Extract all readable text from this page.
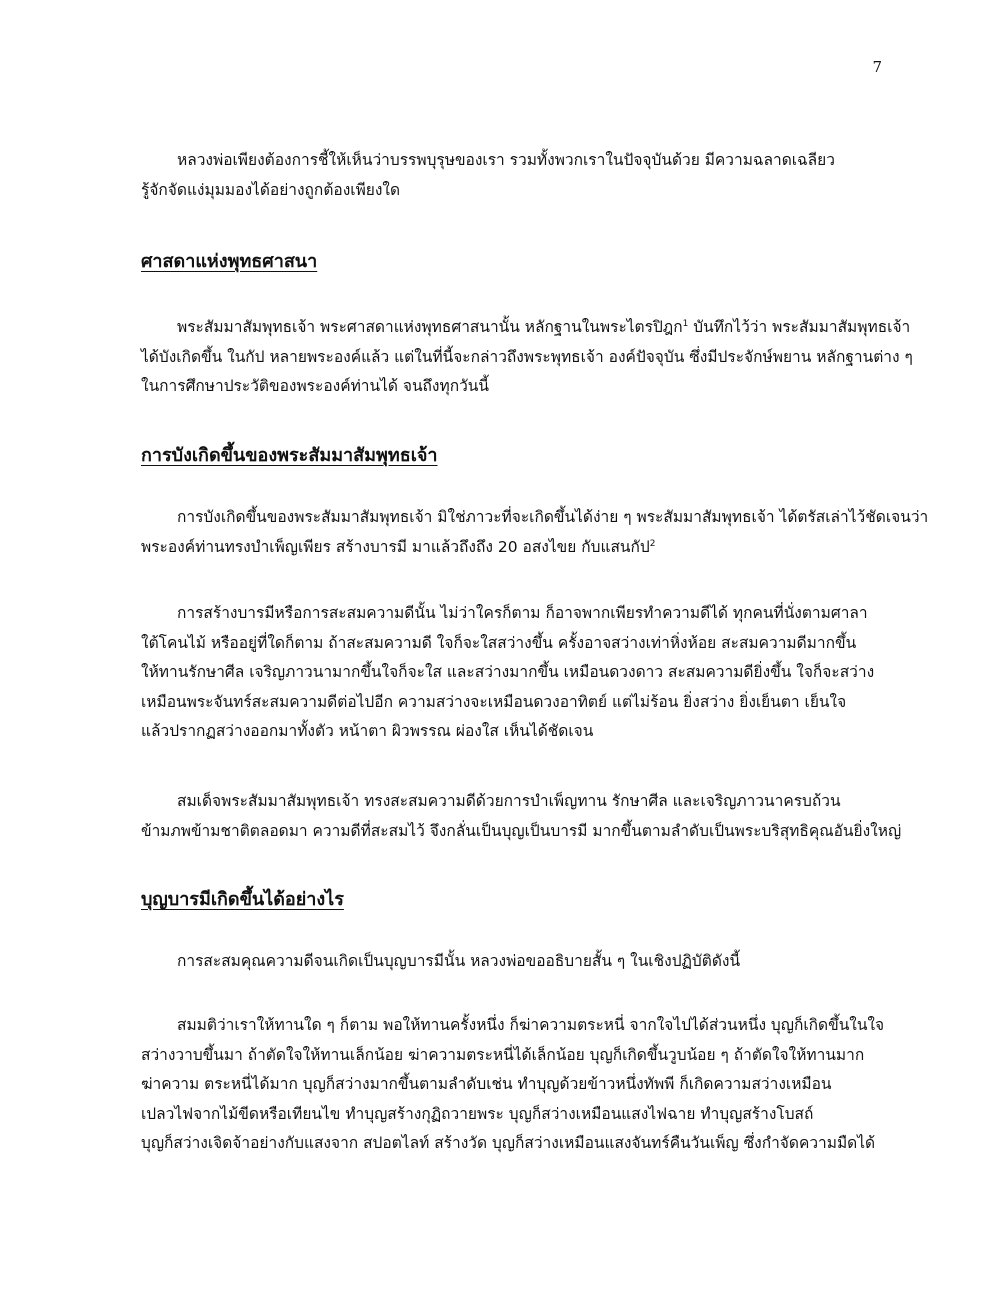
7
หลวงพ่อเพียงต้องการชี้ให้เห็นว่าบรรพบุรุษของเรา รวมทั้งพวกเราในปัจจุบันด้วย มีความฉลาดเฉลียว
รู้จักจัดแง่มุมมองได้อย่างถูกต้องเพียงใด
ศาสดาแห่งพุทธศาสนา
พระสัมมาสัมพุทธเจ้า พระศาสดาแห่งพุทธศาสนานั้น หลักฐานในพระไตรปิฎก$^1$ บันทึกไว้ว่า พระสัมมาสัมพุทธเจ้า
ได้บังเกิดขึ้น ในกัป หลายพระองค์แล้ว แต่ในที่นี้จะกล่าวถึงพระพุทธเจ้า องค์ปัจจุบัน ซึ่งมีประจักษ์พยาน หลักฐานต่าง ๆ
ในการศึกษาประวัติของพระองค์ท่านได้ จนถึงทุกวันนี้
การบังเกิดขึ้นของพระสัมมาสัมพุทธเจ้า
การบังเกิดขึ้นของพระสัมมาสัมพุทธเจ้า มิใช่ภาวะที่จะเกิดขึ้นได้ง่าย ๆ พระสัมมาสัมพุทธเจ้า ได้ตรัสเล่าไว้ชัดเจนว่า
พระองค์ท่านทรงบำเพ็ญเพียร สร้างบารมี มาแล้วถึงถึง 20 อสงไขย กับแสนกัป$^2$
การสร้างบารมีหรือการสะสมความดีนั้น ไม่ว่าใครก็ตาม ก็อาจพากเพียรทำความดีได้ ทุกคนที่นั่งตามศาลา
ใต้โคนไม้ หรืออยู่ที่ใดก็ตาม ถ้าสะสมความดี ใจก็จะใสสว่างขึ้น ครั้งอาจสว่างเท่าหิ่งห้อย สะสมความดีมากขึ้น
ให้ทานรักษาศีล เจริญภาวนามากขึ้นใจก็จะใส และสว่างมากขึ้น เหมือนดวงดาว สะสมความดียิ่งขึ้น ใจก็จะสว่าง
เหมือนพระจันทร์สะสมความดีต่อไปอีก ความสว่างจะเหมือนดวงอาทิตย์ แต่ไม่ร้อน ยิ่งสว่าง ยิ่งเย็นตา เย็นใจ
แล้วปรากฏสว่างออกมาทั้งตัว หน้าตา ผิวพรรณ ผ่องใส เห็นได้ชัดเจน
สมเด็จพระสัมมาสัมพุทธเจ้า ทรงสะสมความดีด้วยการบำเพ็ญทาน รักษาศีล และเจริญภาวนาครบถ้วน
ข้ามภพข้ามชาติตลอดมา ความดีที่สะสมไว้ จึงกลั่นเป็นบุญเป็นบารมี มากขึ้นตามลำดับเป็นพระบริสุทธิคุณอันยิ่งใหญ่
บุญบารมีเกิดขึ้นได้อย่างไร
การสะสมคุณความดีจนเกิดเป็นบุญบารมีนั้น หลวงพ่อขออธิบายสั้น ๆ ในเชิงปฏิบัติดังนี้
สมมติว่าเราให้ทานใด ๆ ก็ตาม พอให้ทานครั้งหนึ่ง ก็ฆ่าความตระหนี่ จากใจไปได้ส่วนหนึ่ง บุญก็เกิดขึ้นในใจ
สว่างวาบขึ้นมา ถ้าตัดใจให้ทานเล็กน้อย ฆ่าความตระหนี่ได้เล็กน้อย บุญก็เกิดขึ้นวูบน้อย ๆ ถ้าตัดใจให้ทานมาก
ฆ่าความ ตระหนี่ได้มาก บุญก็สว่างมากขึ้นตามลำดับเช่น ทำบุญด้วยข้าวหนึ่งทัพพี ก็เกิดความสว่างเหมือน
เปลวไฟจากไม้ขีดหรือเทียนไข ทำบุญสร้างกุฏิถวายพระ บุญก็สว่างเหมือนแสงไฟฉาย ทำบุญสร้างโบสถ์
บุญก็สว่างเจิดจ้าอย่างกับแสงจาก สปอตไลท์ สร้างวัด บุญก็สว่างเหมือนแสงจันทร์คืนวันเพ็ญ ซึ่งกำจัดความมืดได้
